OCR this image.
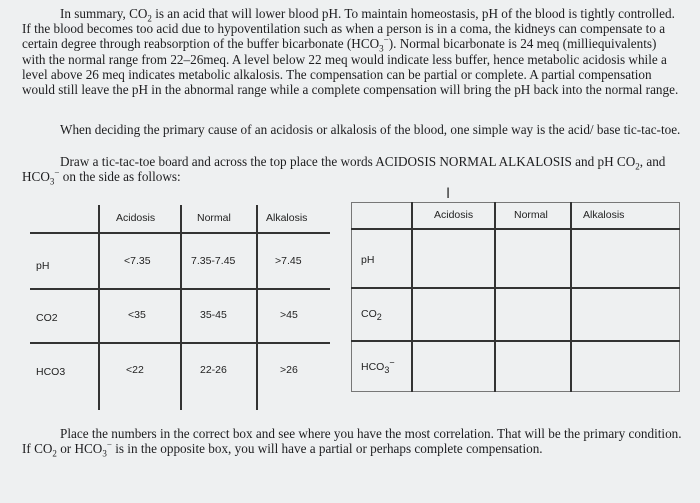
In summary, $CO_2$ is an acid that will lower blood pH. To maintain homeostasis, pH of the blood is tightly controlled. If the blood becomes too acid due to hypoventilation such as when a person is in a coma, the kidneys can compensate to a certain degree through reabsorption of the buffer bicarbonate $(HCO_3^-)$. Normal bicarbonate is 24 meq (milliequivalents) with the normal range from 22–26meq. A level below 22 meq would indicate less buffer, hence metabolic acidosis while a level above 26 meq indicates metabolic alkalosis. The compensation can be partial or complete. A partial compensation would still leave the pH in the abnormal range while a complete compensation will bring the pH back into the normal range.

When deciding the primary cause of an acidosis or alkalosis of the blood, one simple way is the acid/ base tic-tac-toe.

Draw a tic-tac-toe board and across the top place the words ACIDOSIS NORMAL ALKALOSIS and pH $CO_2$, and $HCO_3^-$ on the side as follows:

I
Acidosis	Normal	Alkalosis
pH	<7.35	7.35-7.45	>7.45
CO2	<35	35-45	>45
HCO3	<22	22-26	>26
Acidosis	Normal	Alkalosis
pH
$CO_2$
$HCO_3^-$

Place the numbers in the correct box and see where you have the most correlation. That will be the primary condition. If $CO_2$ or $HCO_3^-$ is in the opposite box, you will have a partial or perhaps complete compensation.
